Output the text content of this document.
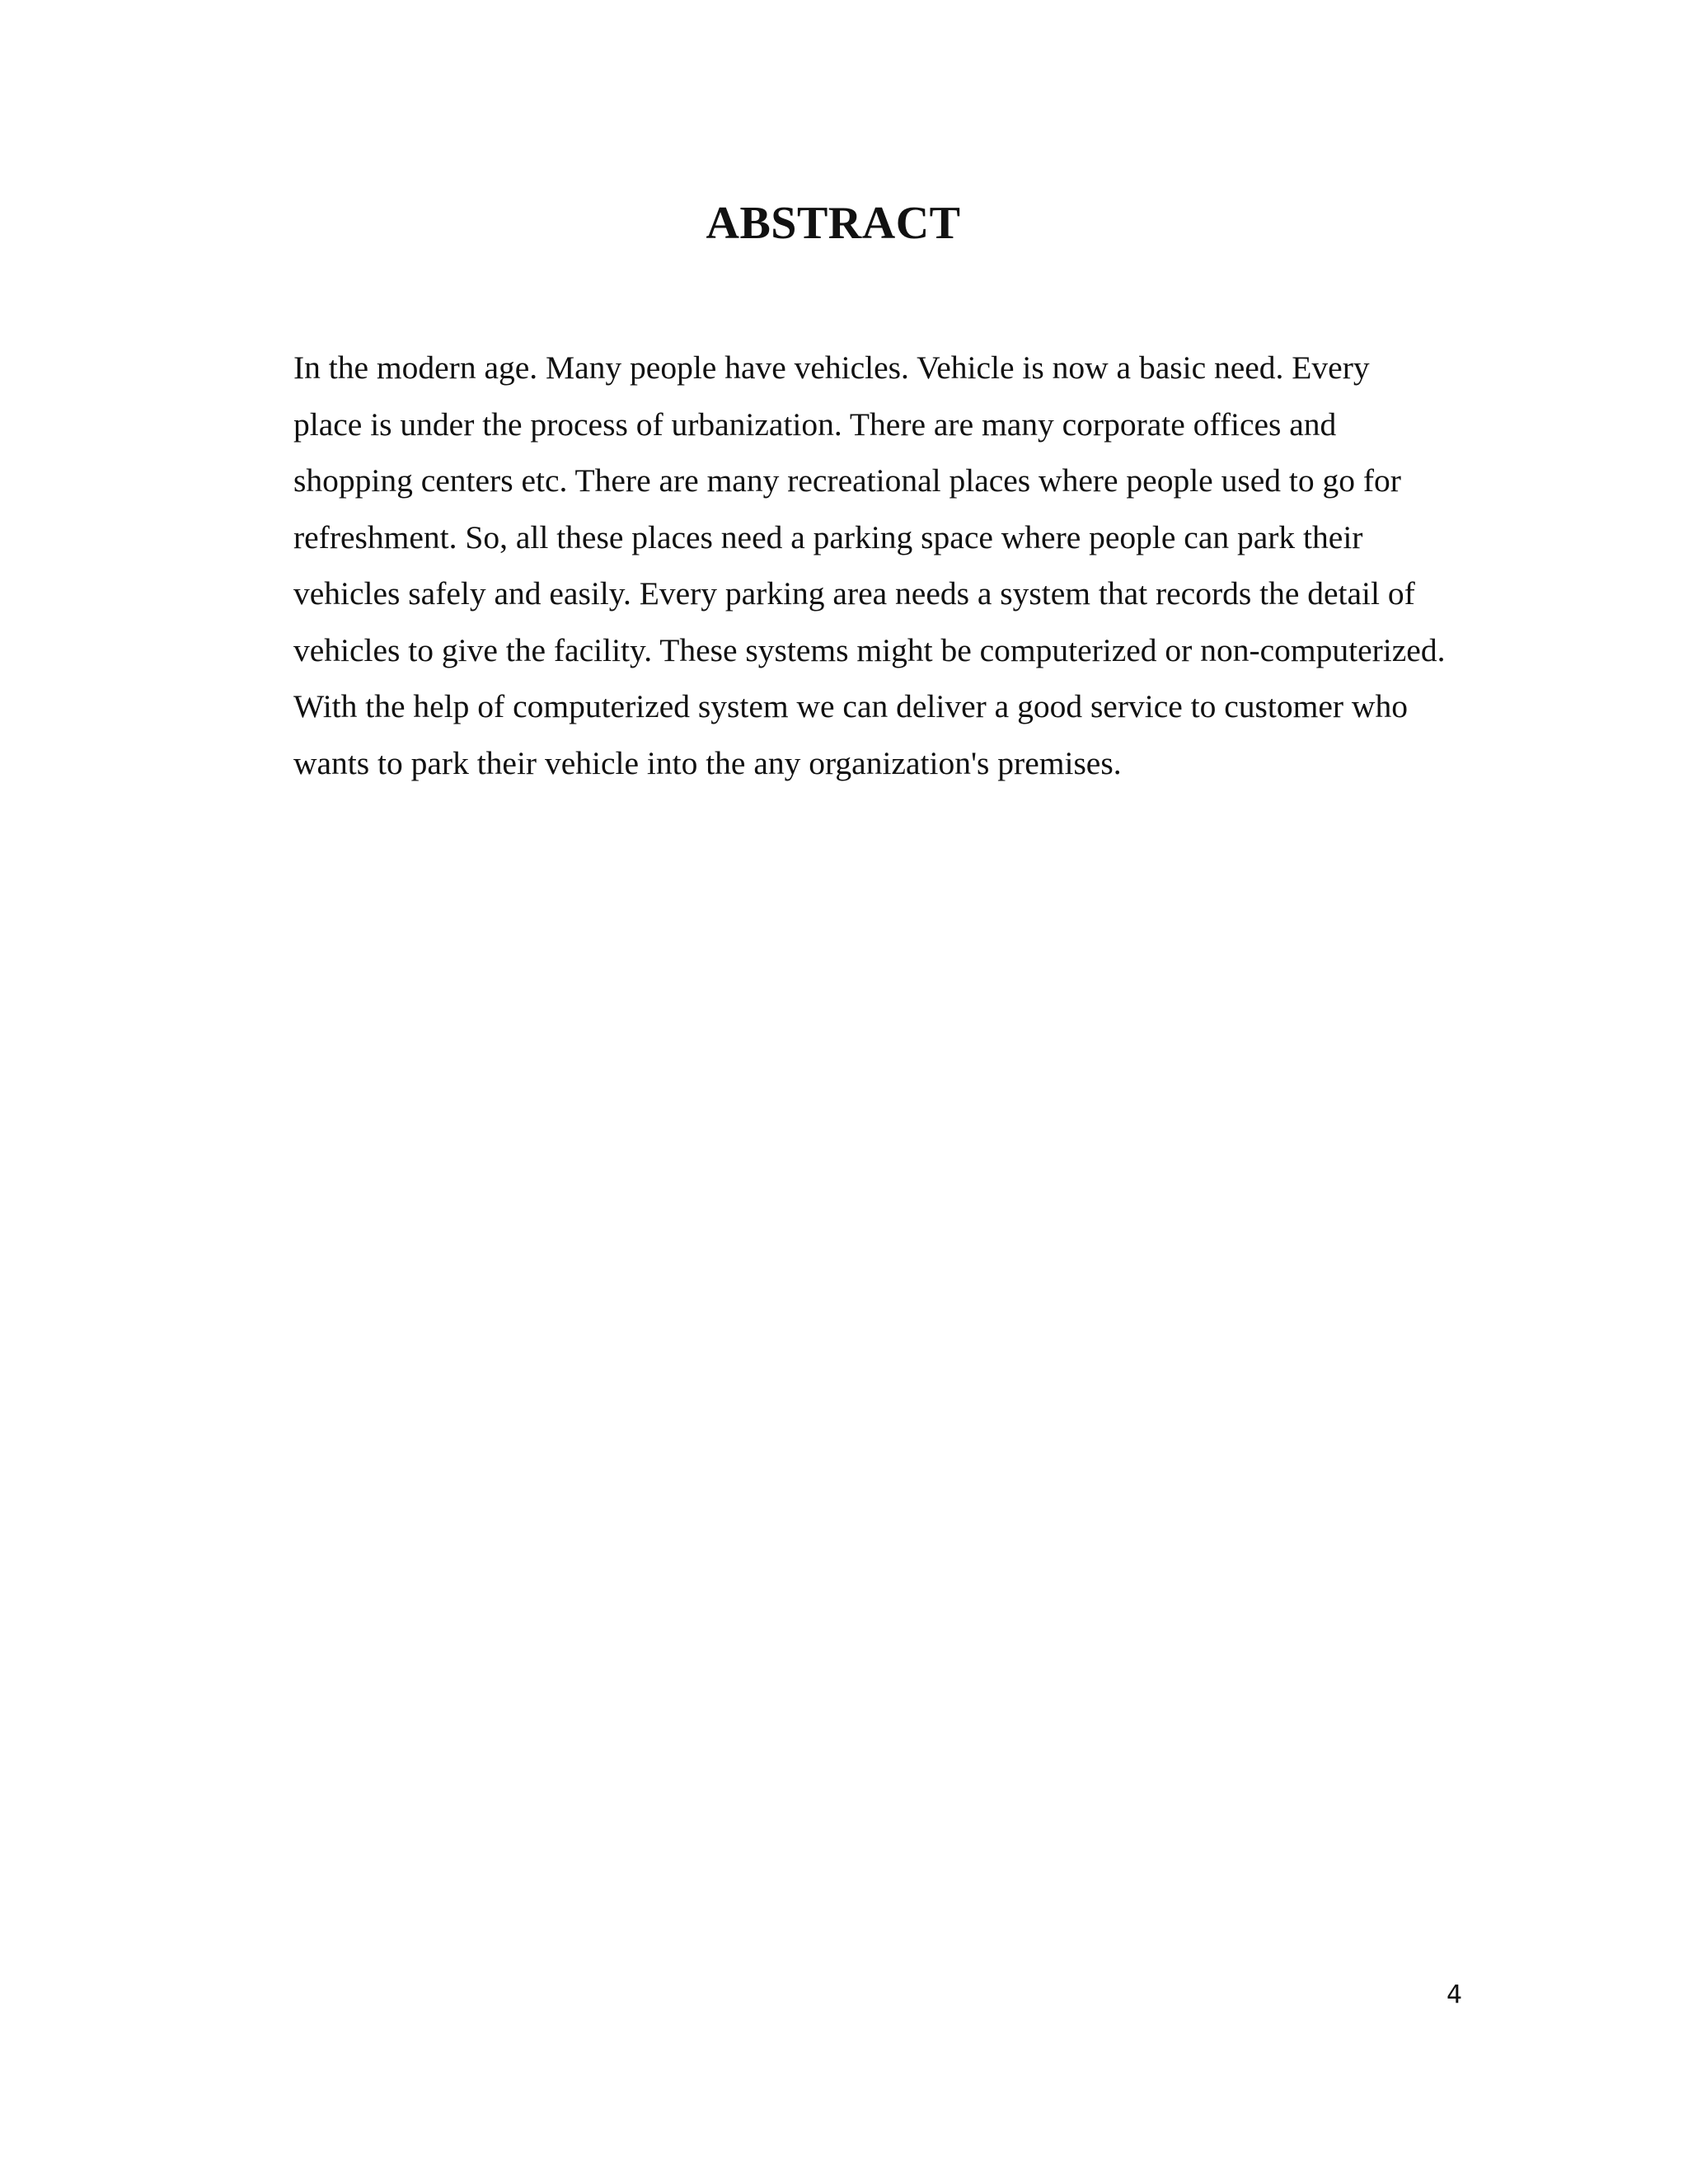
ABSTRACT

In the modern age. Many people have vehicles. Vehicle is now a basic need. Every
place is under the process of urbanization. There are many corporate offices and
shopping centers etc. There are many recreational places where people used to go for
refreshment. So, all these places need a parking space where people can park their
vehicles safely and easily. Every parking area needs a system that records the detail of
vehicles to give the facility. These systems might be computerized or non-computerized.
With the help of computerized system we can deliver a good service to customer who
wants to park their vehicle into the any organization's premises.

4
